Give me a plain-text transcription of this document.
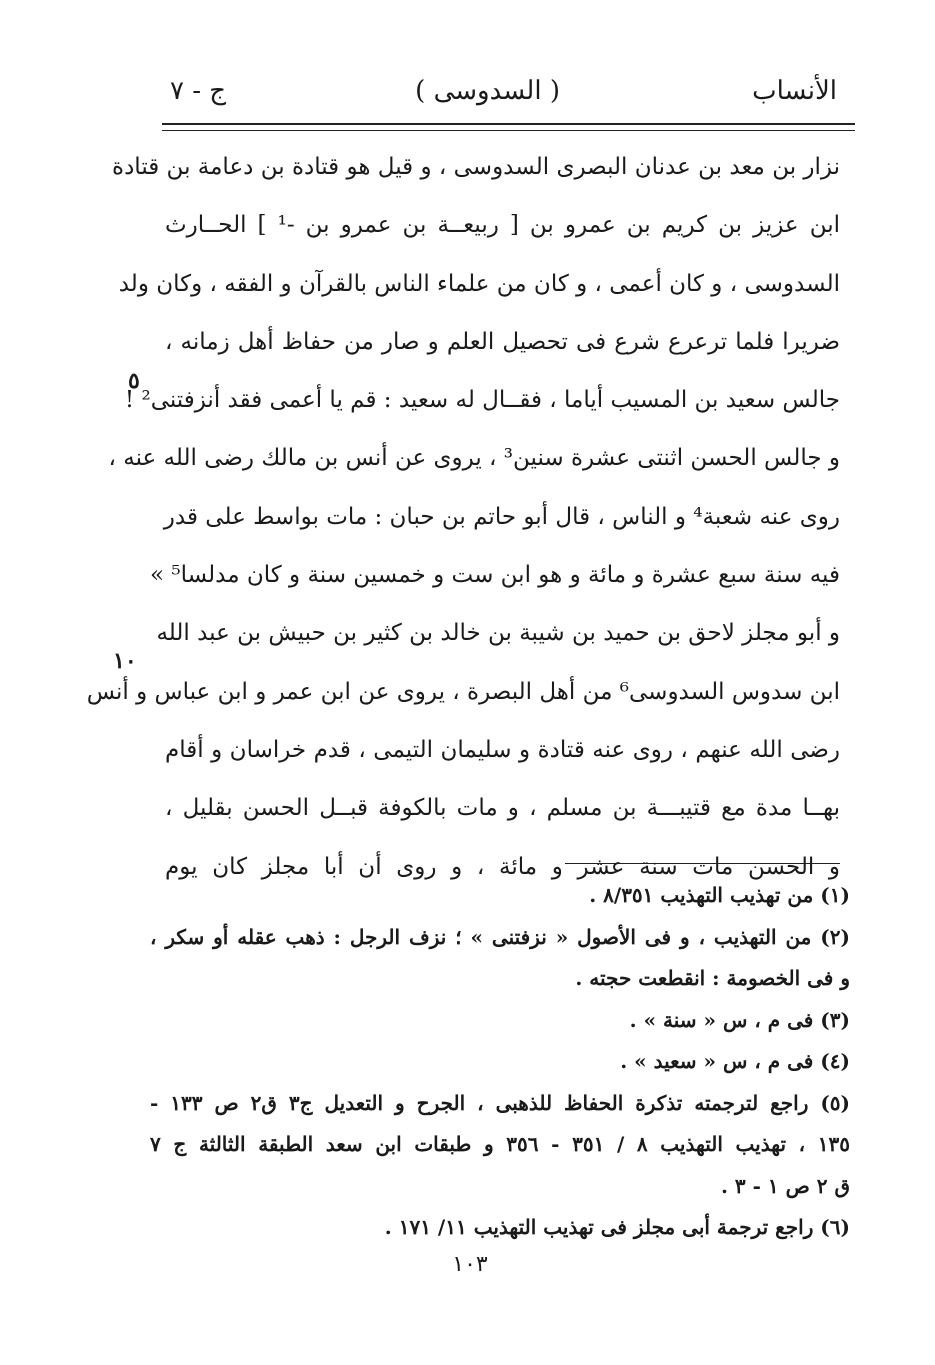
الأنساب
( السدوسى )
ج - ٧
نزار بن معد بن عدنان البصرى السدوسى ، و قيل هو قتادة بن دعامة بن قتادة
ابن عزيز بن كريم بن عمرو بن [ ربيعــة بن عمرو بن -¹ ] الحــارث
السدوسى ، و كان أعمى ، و كان من علماء الناس بالقرآن و الفقه ، وكان ولد
ضريرا فلما ترعرع شرع فى تحصيل العلم و صار من حفاظ أهل زمانه ،
جالس سعيد بن المسيب أياما ، فقــال له سعيد : قم يا أعمى فقد أنزفتنى² !
و جالس الحسن اثنتى عشرة سنين³ ، يروى عن أنس بن مالك رضى الله عنه ،
روى عنه شعبة⁴ و الناس ، قال أبو حاتم بن حبان : مات بواسط على قدر
فيه سنة سبع عشرة و مائة و هو ابن ست و خمسين سنة و كان مدلسا⁵ »
و أبو مجلز لاحق بن حميد بن شيبة بن خالد بن كثير بن حبيش بن عبد الله
ابن سدوس السدوسى⁶ من أهل البصرة ، يروى عن ابن عمر و ابن عباس و أنس
رضى الله عنهم ، روى عنه قتادة و سليمان التيمى ، قدم خراسان و أقام
بهــا مدة مع قتيبـــة بن مسلم ، و مات بالكوفة قبــل الحسن بقليل ،
و الحسن مات سنة عشر و مائة ، و روى أن أبا مجلز كان يوم
٥
١٠
(١) من تهذيب التهذيب ٨/٣٥١ .
(٢) من التهذيب ، و فى الأصول « نزفتنى » ؛ نزف الرجل : ذهب عقله أو سكر ،
و فى الخصومة : انقطعت حجته .
(٣) فى م ، س « سنة » .
(٤) فى م ، س « سعيد » .
(٥) راجع لترجمته تذكرة الحفاظ للذهبى ، الجرح و التعديل ج٣ ق٢ ص ١٣٣ -
١٣٥ ، تهذيب التهذيب ٨ / ٣٥١ - ٣٥٦ و طبقات ابن سعد الطبقة الثالثة ج ٧
ق ٢ ص ١ - ٣ .
(٦) راجع ترجمة أبى مجلز فى تهذيب التهذيب ١١/ ١٧١ .
١٠٣
